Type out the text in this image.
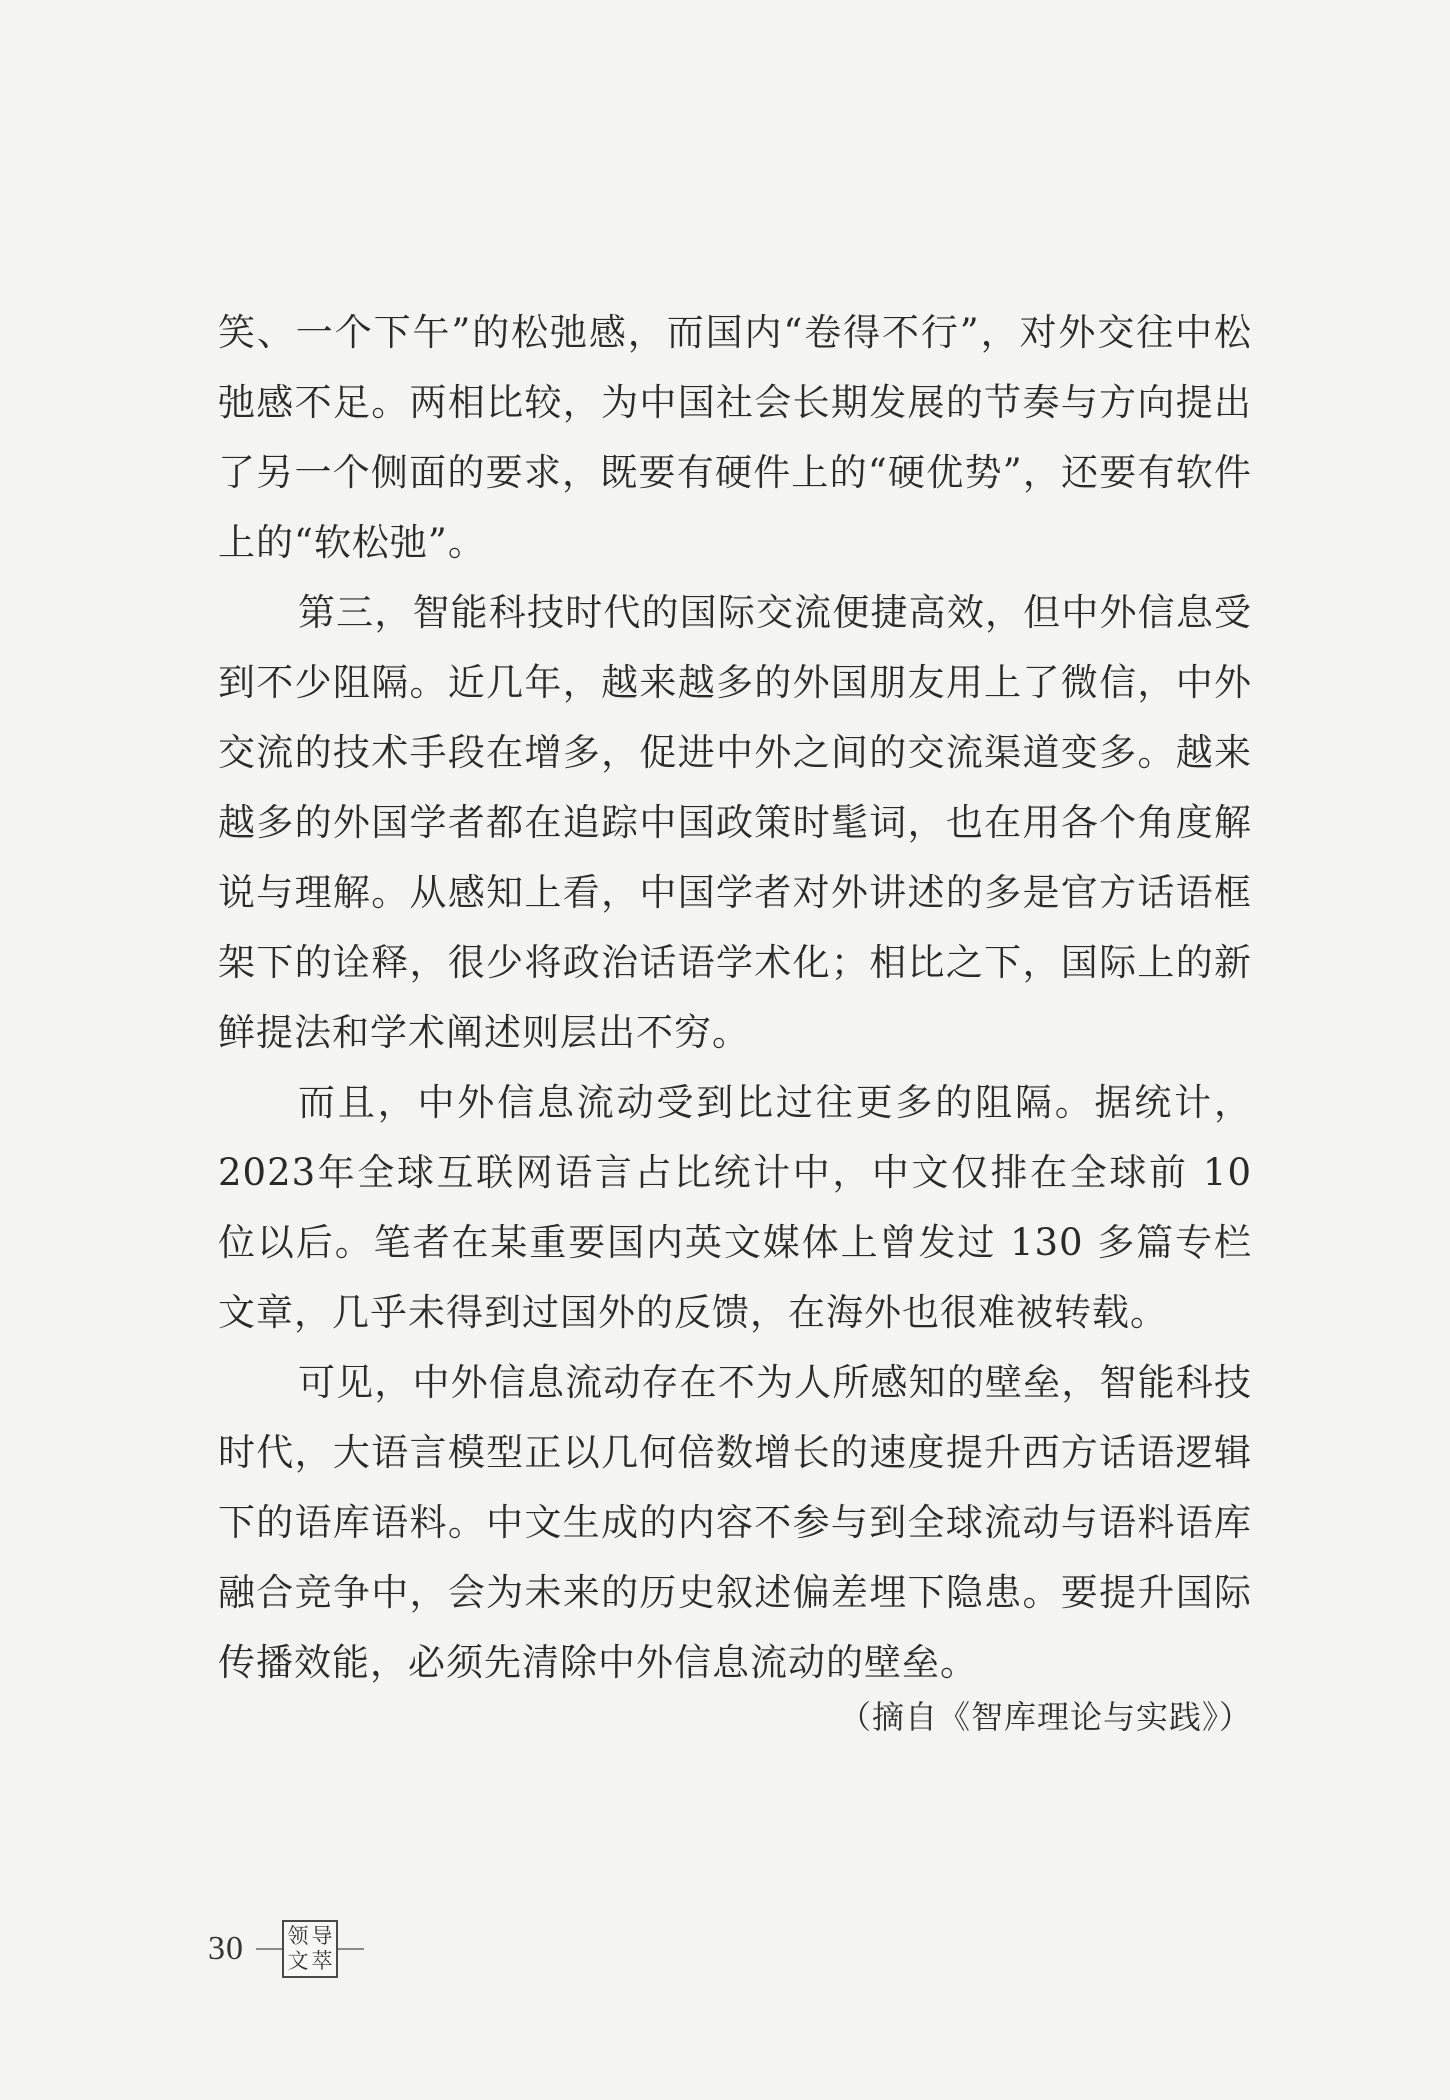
笑、一个下午”的松弛感，而国内“卷得不行”，对外交往中松弛感不足。两相比较，为中国社会长期发展的节奏与方向提出了另一个侧面的要求，既要有硬件上的“硬优势”，还要有软件上的“软松弛”。

第三，智能科技时代的国际交流便捷高效，但中外信息受到不少阻隔。近几年，越来越多的外国朋友用上了微信，中外交流的技术手段在增多，促进中外之间的交流渠道变多。越来越多的外国学者都在追踪中国政策时髦词，也在用各个角度解说与理解。从感知上看，中国学者对外讲述的多是官方话语框架下的诠释，很少将政治话语学术化；相比之下，国际上的新鲜提法和学术阐述则层出不穷。

而且，中外信息流动受到比过往更多的阻隔。据统计，2023年全球互联网语言占比统计中，中文仅排在全球前 10 位以后。笔者在某重要国内英文媒体上曾发过 130 多篇专栏文章，几乎未得到过国外的反馈，在海外也很难被转载。

可见，中外信息流动存在不为人所感知的壁垒，智能科技时代，大语言模型正以几何倍数增长的速度提升西方话语逻辑下的语库语料。中文生成的内容不参与到全球流动与语料语库融合竞争中，会为未来的历史叙述偏差埋下隐患。要提升国际传播效能，必须先清除中外信息流动的壁垒。

（摘自《智库理论与实践》）
30 领 导
文 萃
